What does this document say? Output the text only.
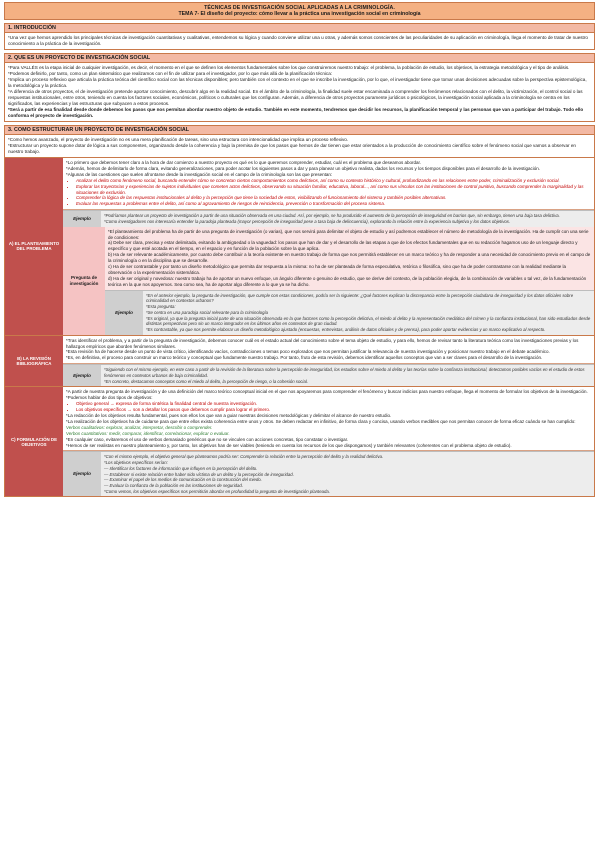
TÉCNICAS DE INVESTIGACIÓN SOCIAL APLICADAS A LA CRIMINOLOGÍA.
TEMA 7- El diseño del proyecto: cómo llevar a la práctica una investigación social en criminología
1. INTRODUCCIÓN
*Una vez que hemos aprendido los principales técnicas de investigación cuantitativas y cualitativas, entendemos su lógica y cuando conviene utilizar una u otras, y además somos conscientes de las peculiaridades de su aplicación en criminología, llega el momento de tratar de nuestro conocimiento a la práctica de la investigación.
2. QUE ES UN PROYECTO DE INVESTIGACIÓN SOCIAL
*Para VALLÉS es la etapa inicial de cualquier investigación, es decir, el momento en el que se definen los elementos fundamentales sobre los que construiremos nuestro trabajo: el problema, la población de estudio, los objetivos, la estrategia metodológica y el tipo de análisis.
*Podemos definirlo, por tanto, como un plan sistemático que realizamos con el fin de utilizar para el investigador, por lo que más allá de la planificación técnica:
*Implica un proceso reflexivo que articula la práctica teórica del científico social con las técnicas disponibles; pero también con el contexto en el que se inscribe la investigación, por lo que, el investigador tiene que tomar unas decisiones adecuadas sobre la perspectiva epistemológica, la metodológica y la práctica.
*A diferencia de otros proyectos, el de investigación pretende aportar conocimiento, descubrir algo en la realidad social. En el ámbito de la criminología, la finalidad suele estar encaminada a comprender los fenómenos relacionados con el delito, la victimización, el control social o las respuestas institucionales, entre otros, teniendo en cuenta los factores sociales, económicos, políticos o culturales que los configuran. Además, a diferencia de otros proyectos puramente jurídicos o psicológicos, la investigación social aplicada a la criminología se centra en los significados, las experiencias y las estructuras que subyacen a estos procesos.
*Será a partir de esa finalidad desde donde debemos los pasos que nos permitan abordar nuestro objeto de estudio. También en este momento, tendremos que decidir los recursos, la planificación temporal y las personas que van a participar del trabajo. Todo ello conforma el proyecto de investigación.
3. COMO ESTRUCTURAR UN PROYECTO DE INVESTIGACIÓN SOCIAL
*Como hemos avanzado, el proyecto de investigación no es una mera planificación de tareas, sino una estructura con intencionalidad que implica un proceso reflexivo.
*Estructurar un proyecto supone dotar de lógica a sus componentes, organizando desde la coherencia y bajo la premisa de que los pasos que hemos de dar tienen que estar orientados a la producción de conocimiento científico sobre el fenómeno social que vamos a observar en nuestro trabajo.
A) EL PLANTEAMIENTO DEL PROBLEMA
*Lo primero que debemos tener claro a la hora de dar comienzo a nuestro proyecto es qué es lo que queremos comprender, estudiar, cuál es el problema que deseamos abordar.
*Además, hemos de delimitarlo de forma clara, evitando generalizaciones, para poder acotar los siguientes pasos a dar y para planear un objetivo realista, dados los recursos y los tiempos disponibles para el desarrollo de la investigación.
*Algunas de las cuestiones que suelen afrontarse desde la investigación social en el campo de la criminología son las que presentan:
• Analizar el delito como fenómeno social, buscando entender cómo se concretan ciertos comportamientos como delictivos, así como su contexto histórico y cultural, profundizando en las relaciones entre poder, criminalización y exclusión social.
• Explorar las trayectorias y experiencias de sujetos individuales que cometen actos delictivos, observando su situación familiar, educativa, laboral..., así como sus vínculos con las instituciones de control punitivo, buscando comprender la marginalidad y las situaciones de exclusión.
• Comprender la lógica de las respuestas institucionales al delito y la percepción que tiene la sociedad de estos, visibilizando el funcionamiento del sistema y también posibles alternativas.
• Evaluar las respuestas a problemas entre el delito, así como al agravamiento de riesgos de reincidencia, prevención o transformación del proceso sistema.
Ejemplo
*Podríamos plantear un proyecto de investigación a partir de una situación observada en una ciudad. Así, por ejemplo, se ha producido el aumento de la percepción de inseguridad en barrios que, sin embargo, tienen una baja tasa delictiva.
*Como investigadores nos interesaría entender la paradoja planteada (mayor percepción de inseguridad pese a tasa baja de delincuencia), explorando la relación entre la experiencia subjetiva y los datos objetivos.
Pregunta de investigación
*El planteamiento del problema ha de partir de una pregunta de investigación (o varias), que nos servirá para delimitar el objeto de estudio y así podremos establecer el número de metodología de la investigación. Ha de cumplir con una serie de condiciones:
a) Debe ser clara, precisa y estar delimitada, evitando la ambigüedad o la vaguedad: los pasos que han de dar y el desarrollo de las etapas a que de los efectos fundamentales que en su redacción hagamos uso de un lenguaje directo y específico y que esté acotada en el tiempo, en el espacio y en función de la población sobre la que aplica.
b) Ha de ser relevante académicamente, por cuanto debe contribuir a la teoría existente en nuestro trabajo de forma que nos permitirá establecer en un marco teórico y ha de responder a una necesidad de conocimiento previo en el campo de la criminología o en la disciplina que se desarrolle.
c) Ha de ser contrastable y por tanto un diseño metodológico que permita dar respuesta a la misma: no ha de ser planteada de forma especulativa, retórica o filosófica, sino que ha de poder contrastarse con la realidad mediante la observación o la experimentación sistemática.
d) Ha de ser original y novedosa: nuestro trabajo ha de aportar un nuevo enfoque, un ángulo diferente o genuino de estudio, que se derive del contexto, de la población elegida, de la combinación de variables o tal vez, de la fundamentación teórica en la que nos apoyemos. Sea como sea, ha de aportar algo diferente a lo que ya se ha dicho.
Ejemplo
*En el anterior ejemplo, la pregunta de investigación, que cumple con estas condiciones, podría ser la siguiente: ¿Qué factores explican la discrepancia entre la percepción ciudadana de inseguridad y los datos oficiales sobre criminalidad en contextos urbanos?
*Esta pregunta:
*Se centra en una paradoja social relevante para la criminología
*Es original, ya que la pregunta inicial parte de una situación observada en la que factores como la percepción delictiva, el miedo al delito y la representación mediática del crimen y la confianza institucional, han sido estudiados desde distintas perspectivas pero sin un marco integrador en los últimos años en contextos de gran ciudad.
*Es contrastable, ya que nos permite elaborar un diseño metodológico ajustado (encuestas, entrevistas, análisis de datos oficiales y de prensa), para poder aportar evidencias y un marco explicativo al respecto.
B) LA REVISIÓN BIBLIOGRÁFICA
*Tras identificar el problema, y a partir de la pregunta de investigación, debemos conocer cuál es el estado actual del conocimiento sobre el tema objeto de estudio, y para ello, hemos de revisar tanto la literatura teórica como las investigaciones previas y los hallazgos empíricos que aborden fenómenos similares.
*Esta revisión ha de hacerse desde un punto de vista crítico, identificando vacíos, contradicciones o temas poco explorados que nos permitan justificar la relevancia de nuestra investigación y posicionar nuestro trabajo en el debate académico.
*Es, en definitiva, el proceso para construir un marco teórico y conceptual que fundamente nuestro trabajo. Por tanto, fruto de esta revisión, debemos identificar aquellos conceptos que van a ser claves para el desarrollo de la investigación.
Ejemplo
*Siguiendo con el mismo ejemplo, en este caso a partir de la revisión de la literatura sobre la percepción de inseguridad, los estudios sobre el miedo al delito y las teorías sobre la confianza institucional, detectamos posibles vacíos en el estudio de estos fenómenos en contextos urbanos de baja criminalidad.
*En concreto, destacamos conceptos como el miedo al delito, la percepción de riesgo, o la cohesión social.
C) FORMULACIÓN DE OBJETIVOS
*A partir de nuestra pregunta de investigación y de una definición del marco teórico conceptual inicial en el que nos apoyaremos para comprender el fenómeno y buscar indicios para nuestro enfoque, llega el momento de formular los objetivos de la investigación.
*Podemos hablar de dos tipos de objetivos:
• Objetivo general → expresa de forma sintética la finalidad central de nuestra investigación.
• Los objetivos específicos → son a detallar los pasos que debemos cumplir para lograr el primero.
*La redacción de los objetivos resulta fundamental, pues son ellos los que van a guiar nuestras decisiones metodológicas y delimitar el alcance de nuestro estudio.
*La realización de los objetivos ha de cuidarse para que entre ellos exista coherencia entre unos y otros. Se deben redactar en infinitivo, de forma clara y concisa, usando verbos medibles que nos permitan conocer de forma eficaz cuándo se han cumplido:
Verbos cualitativos: explorar, analizar, interpretar, describir o comprender.
Verbos cuantitativos: medir, comparar, identificar, correlacionar, explicar o evaluar.
*En cualquier caso, evitaremos el uso de verbos demasiado genéricos que no se vinculen con acciones concretas, tipo constatar o investigar.
*Hemos de ser realistas en nuestro planteamiento y, por tanto, los objetivos han de ser viables (teniendo en cuenta los recursos de los que dispongamos) y también relevantes (coherentes con el problema objeto de estudio).
Ejemplo
*Con el mismo ejemplo, el objetivo general que planteamos podría ser: Comprender la relación entre la percepción del delito y la realidad delictiva.
*Los objetivos específicos serían:
— Identificar los factores de información que influyen en la percepción del delito.
— Establecer si existe relación entre haber sido víctima de un delito y la percepción de inseguridad.
— Examinar el papel de los medios de comunicación en la construcción del miedo.
— Evaluar la confianza de la población en las instituciones de seguridad.
*Como vemos, los objetivos específicos nos permitirán abordar en profundidad la pregunta de investigación planteada.
